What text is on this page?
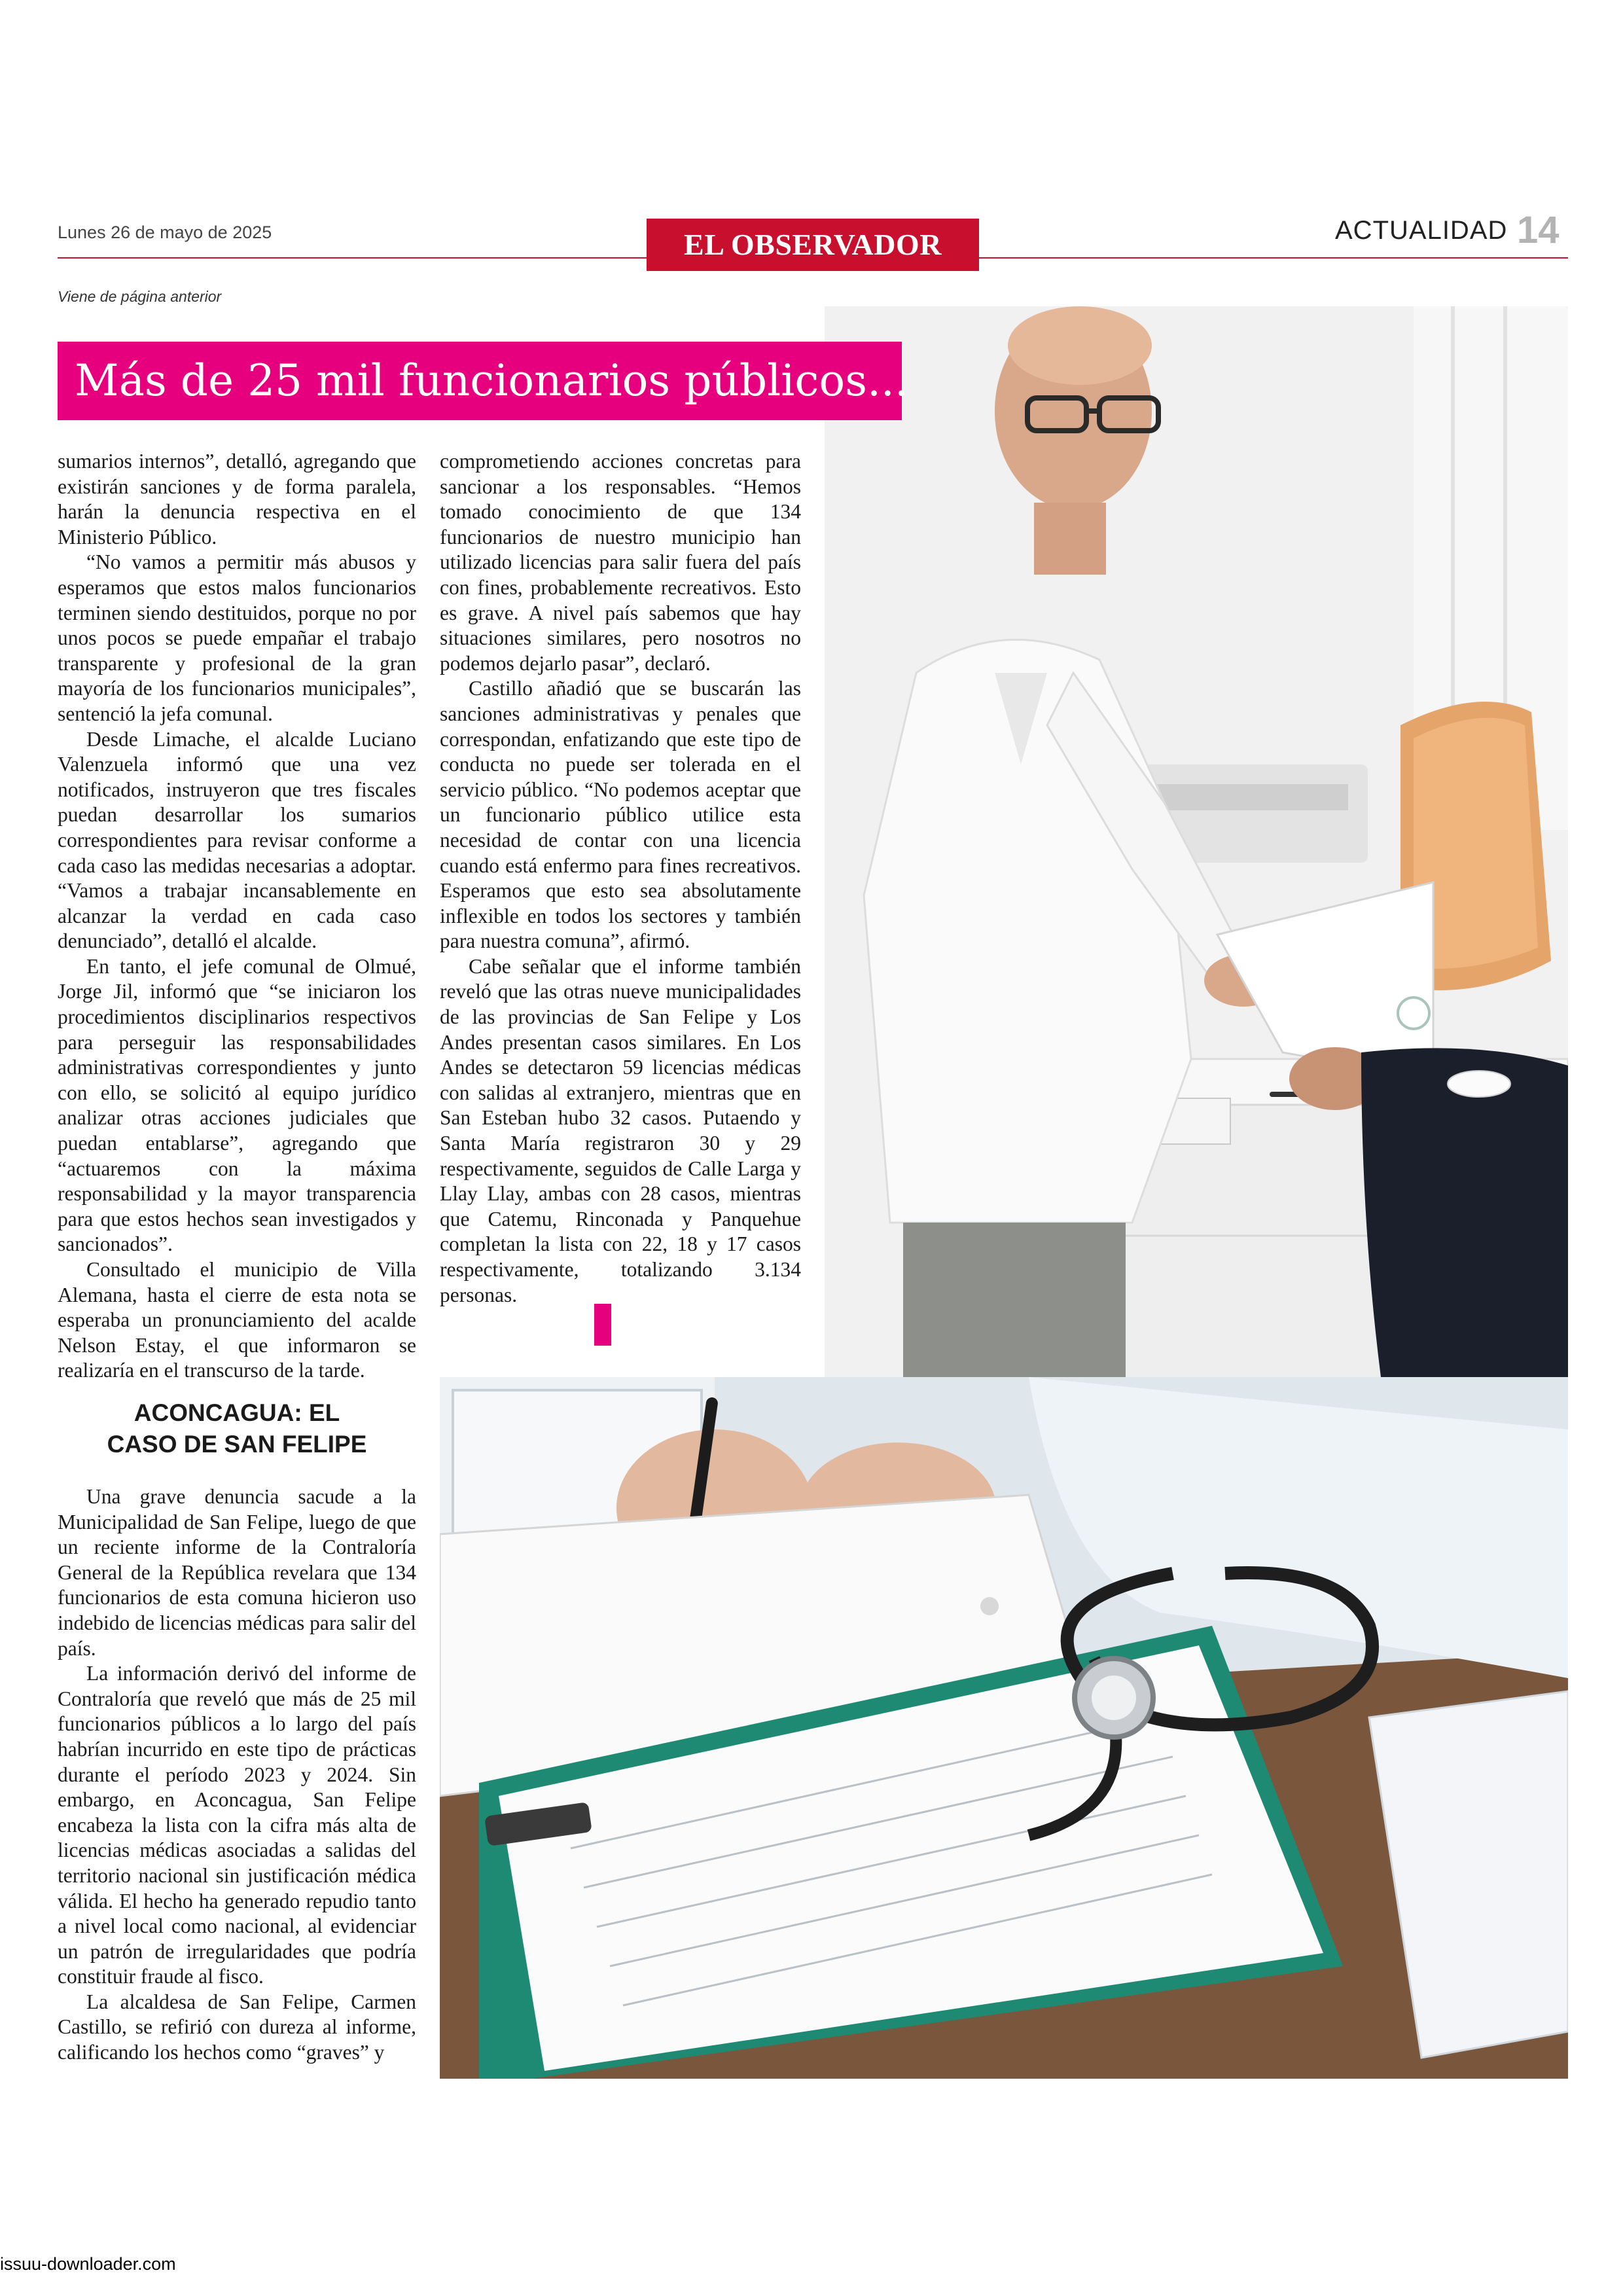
Lunes 26 de mayo de 2025	EL OBSERVADOR	ACTUALIDAD 14
Viene de página anterior
Más de 25 mil funcionarios públicos...

sumarios internos”, detalló, agregando que existirán sanciones y de forma paralela, harán la denuncia respectiva en el Ministerio Público.

“No vamos a permitir más abusos y esperamos que estos malos funcionarios terminen siendo destituidos, porque no por unos pocos se puede empañar el trabajo transparente y profesional de la gran mayoría de los funcionarios municipales”, sentenció la jefa comunal.

Desde Limache, el alcalde Luciano Valenzuela informó que una vez notificados, instruyeron que tres fiscales puedan desarrollar los sumarios correspondientes para revisar conforme a cada caso las medidas necesarias a adoptar. “Vamos a trabajar incansablemente en alcanzar la verdad en cada caso denunciado”, detalló el alcalde.

En tanto, el jefe comunal de Olmué, Jorge Jil, informó que “se iniciaron los procedimientos disciplinarios respectivos para perseguir las responsabilidades administrativas correspondientes y junto con ello, se solicitó al equipo jurídico analizar otras acciones judiciales que puedan entablarse”, agregando que “actuaremos con la máxima responsabilidad y la mayor transparencia para que estos hechos sean investigados y sancionados”.

Consultado el municipio de Villa Alemana, hasta el cierre de esta nota se esperaba un pronunciamiento del acalde Nelson Estay, el que informaron se realizaría en el transcurso de la tarde.

ACONCAGUA: EL
CASO DE SAN FELIPE

Una grave denuncia sacude a la Municipalidad de San Felipe, luego de que un reciente informe de la Contraloría General de la República revelara que 134 funcionarios de esta comuna hicieron uso indebido de licencias médicas para salir del país.

La información derivó del informe de Contraloría que reveló que más de 25 mil funcionarios públicos a lo largo del país habrían incurrido en este tipo de prácticas durante el período 2023 y 2024. Sin embargo, en Aconcagua, San Felipe encabeza la lista con la cifra más alta de licencias médicas asociadas a salidas del territorio nacional sin justificación médica válida. El hecho ha generado repudio tanto a nivel local como nacional, al evidenciar un patrón de irregularidades que podría constituir fraude al fisco.

La alcaldesa de San Felipe, Carmen Castillo, se refirió con dureza al informe, calificando los hechos como “graves” y

comprometiendo acciones concretas para sancionar a los responsables. “Hemos tomado conocimiento de que 134 funcionarios de nuestro municipio han utilizado licencias para salir fuera del país con fines, probablemente recreativos. Esto es grave. A nivel país sabemos que hay situaciones similares, pero nosotros no podemos dejarlo pasar”, declaró.

Castillo añadió que se buscarán las sanciones administrativas y penales que correspondan, enfatizando que este tipo de conducta no puede ser tolerada en el servicio público. “No podemos aceptar que un funcionario público utilice esta necesidad de contar con una licencia cuando está enfermo para fines recreativos. Esperamos que esto sea absolutamente inflexible en todos los sectores y también para nuestra comuna”, afirmó.

Cabe señalar que el informe también reveló que las otras nueve municipalidades de las provincias de San Felipe y Los Andes presentan casos similares. En Los Andes se detectaron 59 licencias médicas con salidas al extranjero, mientras que en San Esteban hubo 32 casos. Putaendo y Santa María registraron 30 y 29 respectivamente, seguidos de Calle Larga y Llay Llay, ambas con 28 casos, mientras que Catemu, Rinconada y Panquehue completan la lista con 22, 18 y 17 casos respectivamente, totalizando 3.134 personas.

issuu-downloader.com
